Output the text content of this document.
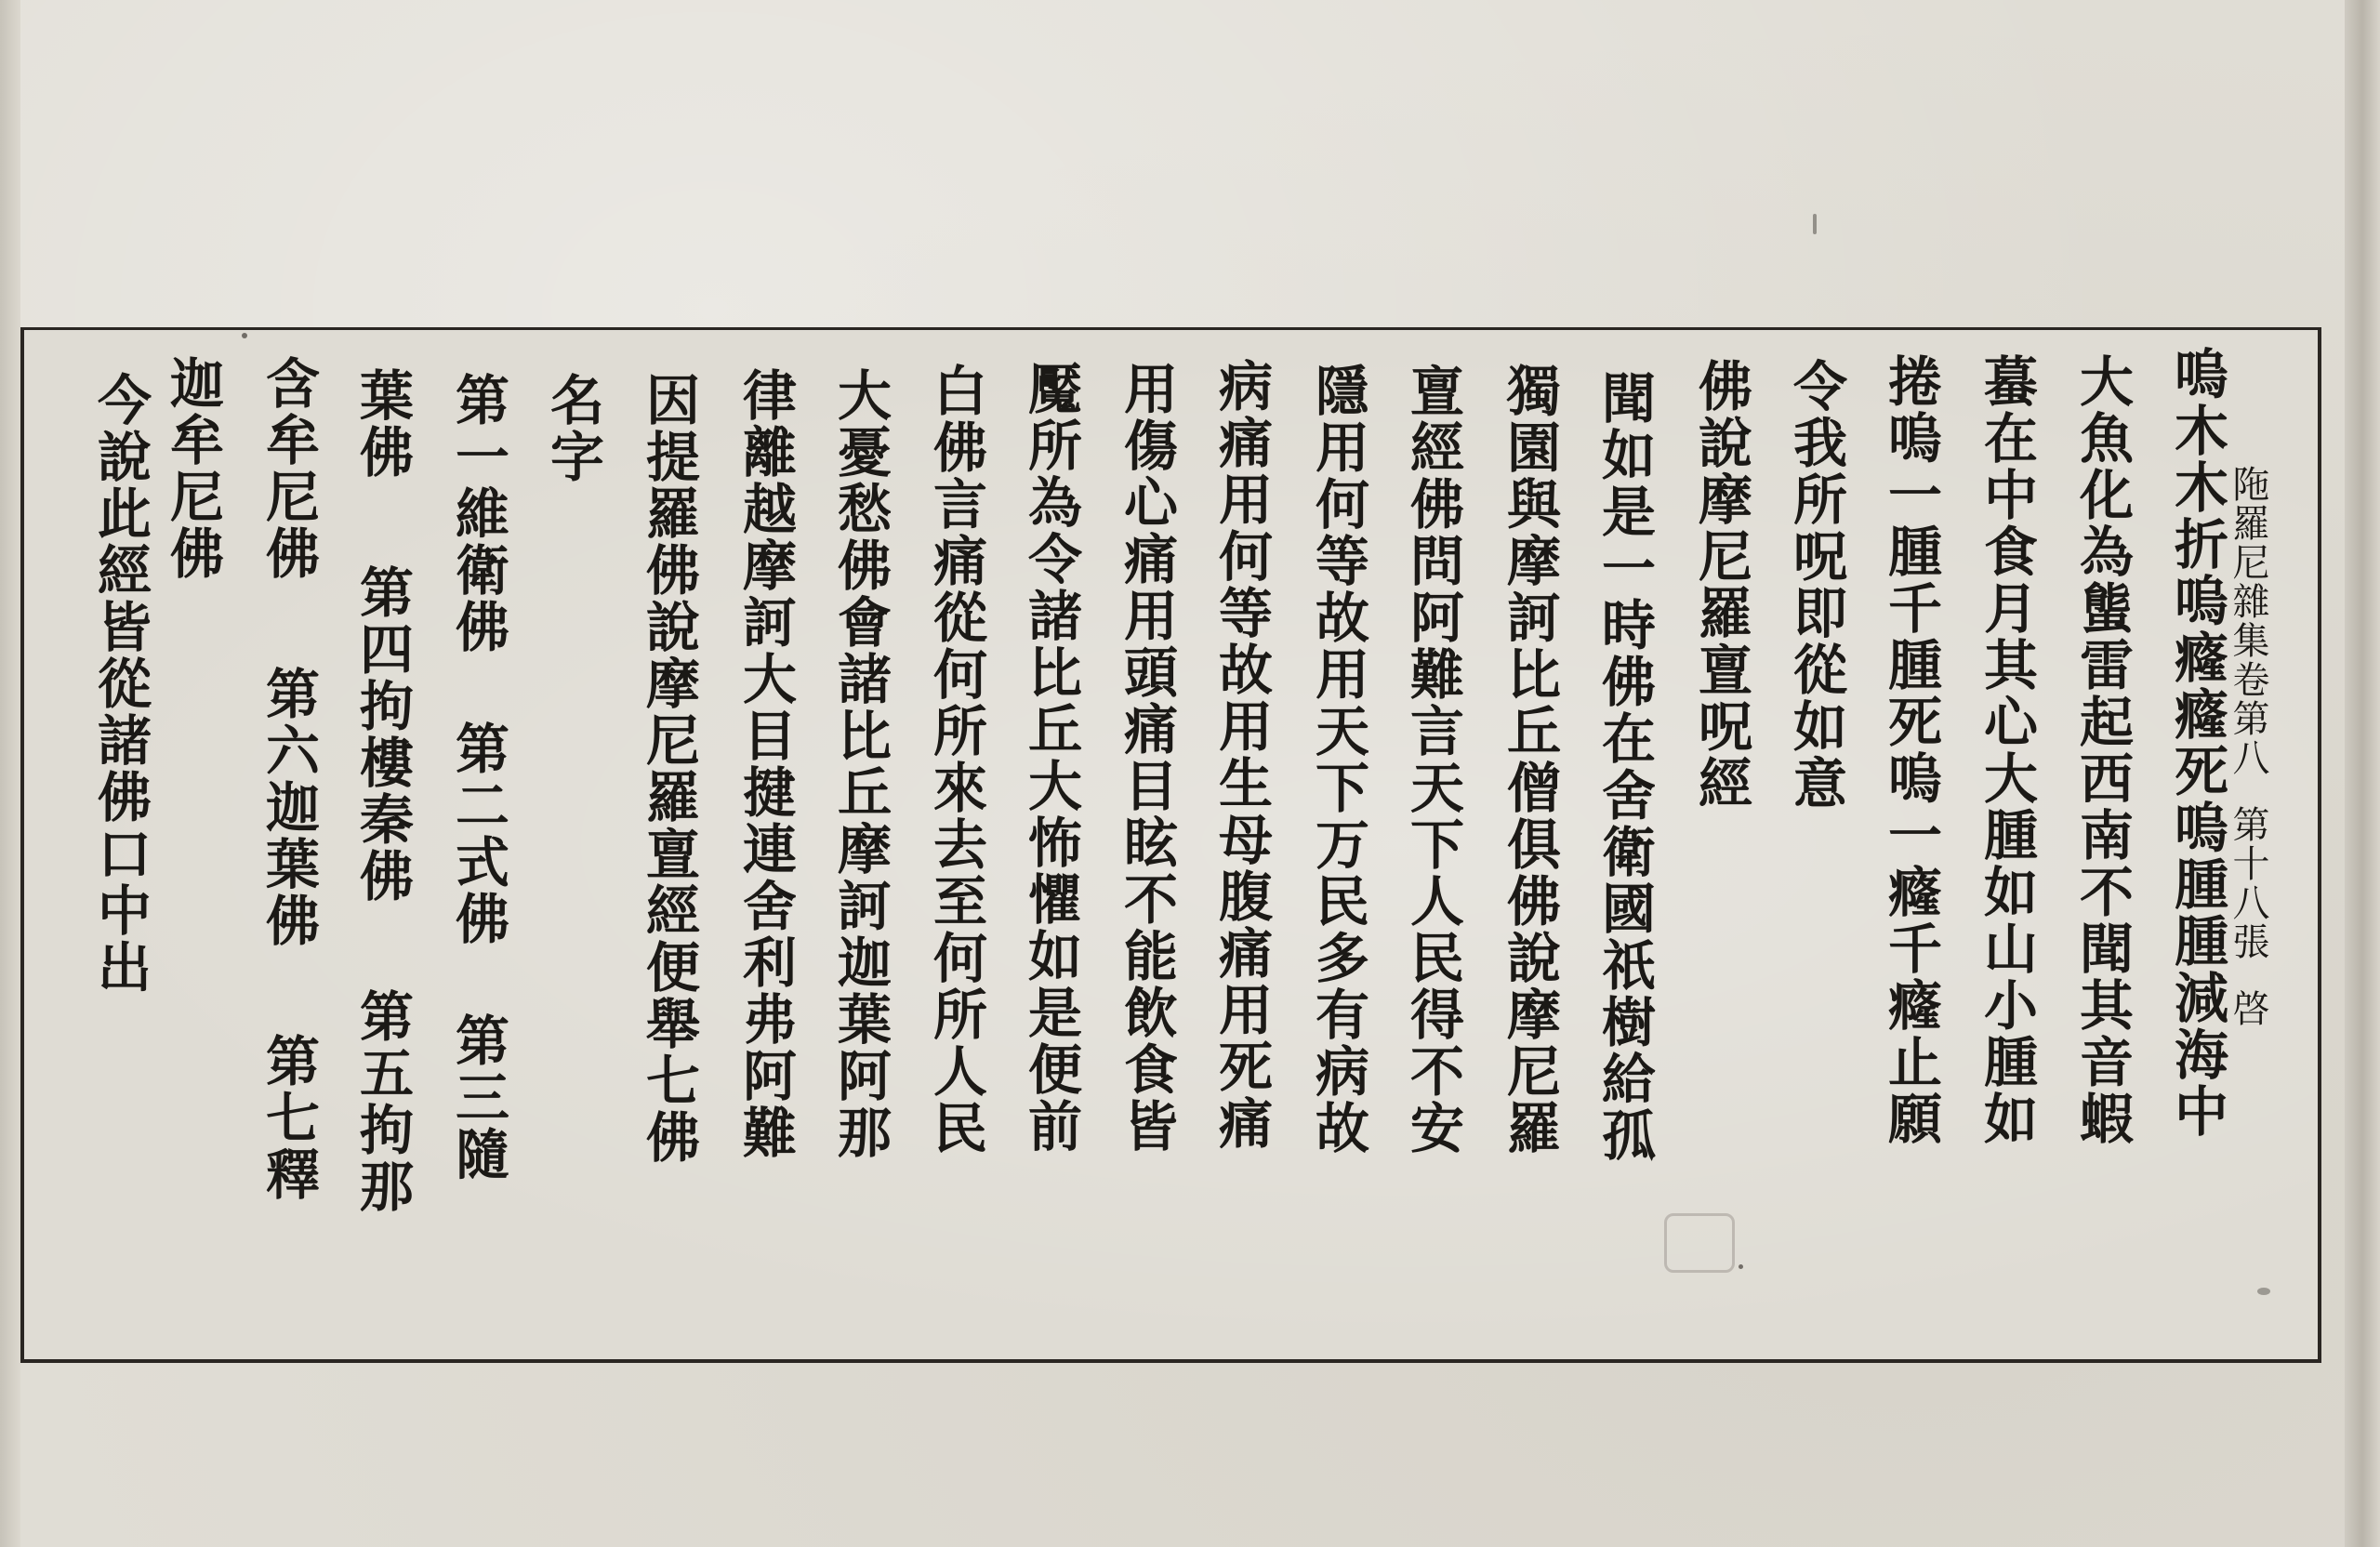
陁羅尼雜集卷第八第十八張啓
嗚木木折嗚癃癃死嗚腫腫減海中
大魚化為螚雷起西南不聞其音蝦
蟇在中食月其心大腫如山小腫如
捲嗚一腫千腫死嗚一癃千癃止願
令我所呪即從如意
佛說摩尼羅亶呪經
聞如是一時佛在舍衛國祇樹給孤
獨園與摩訶比丘僧俱佛說摩尼羅
亶經佛問阿難言天下人民得不安
隱用何等故用天下万民多有病故
病痛用何等故用生母腹痛用死痛
用傷心痛用頭痛目眩不能飲食皆
魘所為令諸比丘大怖懼如是便前
白佛言痛從何所來去至何所人民
大憂愁佛會諸比丘摩訶迦葉阿那
律離越摩訶大目揵連舍利弗阿難
因提羅佛說摩尼羅亶經便舉七佛
名字
第一維衛佛第二式佛第三隨
葉佛第四拘樓秦佛第五拘那
含牟尼佛第六迦葉佛第七釋
迦牟尼佛
今說此經皆從諸佛口中出
